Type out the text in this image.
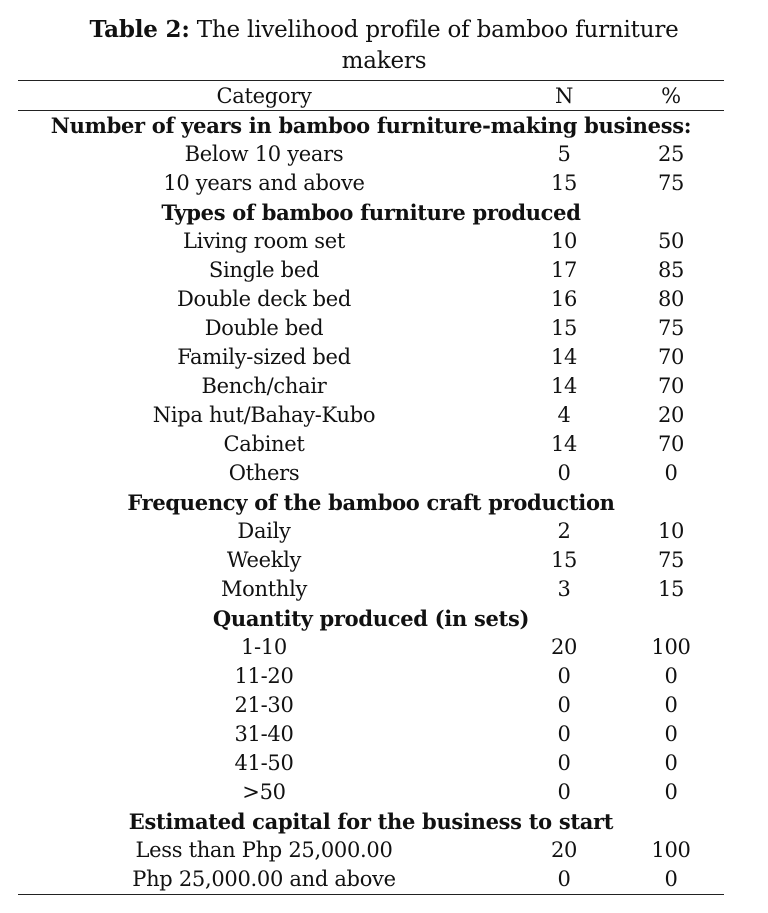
Table 2: The livelihood profile of bamboo furniture makers
Category	N	%
Number of years in bamboo furniture-making business:		
Below 10 years	5	25
10 years and above	15	75
Types of bamboo furniture produced		
Living room set	10	50
Single bed	17	85
Double deck bed	16	80
Double bed	15	75
Family-sized bed	14	70
Bench/chair	14	70
Nipa hut/Bahay-Kubo	4	20
Cabinet	14	70
Others	0	0
Frequency of the bamboo craft production		
Daily	2	10
Weekly	15	75
Monthly	3	15
Quantity produced (in sets)		
1-10	20	100
11-20	0	0
21-30	0	0
31-40	0	0
41-50	0	0
>50	0	0
Estimated capital for the business to start		
Less than Php 25,000.00	20	100
Php 25,000.00 and above	0	0
